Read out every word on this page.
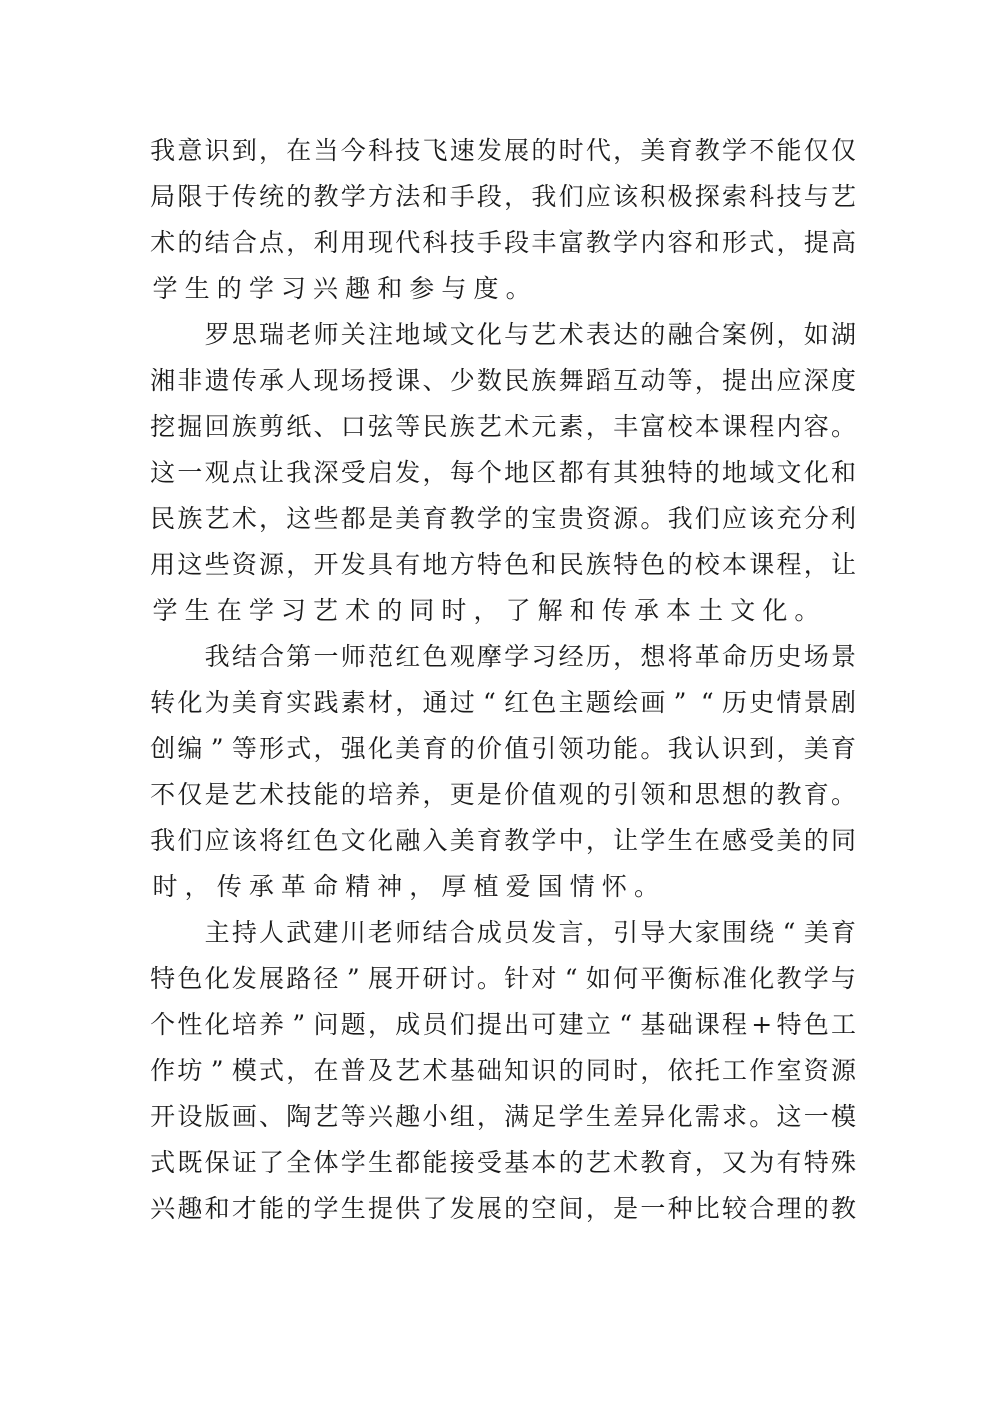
我 意 识 到 ， 在 当 今 科 技 飞 速 发 展 的 时 代 ， 美 育 教 学 不 能 仅 仅
局 限 于 传 统 的 教 学 方 法 和 手 段 ， 我 们 应 该 积 极 探 索 科 技 与 艺
术 的 结 合 点 ， 利 用 现 代 科 技 手 段 丰 富 教 学 内 容 和 形 式 ， 提 高
学 生 的 学 习 兴 趣 和 参 与 度 。

罗 思 瑞 老 师 关 注 地 域 文 化 与 艺 术 表 达 的 融 合 案 例 ， 如 湖
湘 非 遗 传 承 人 现 场 授 课 、 少 数 民 族 舞 蹈 互 动 等 ， 提 出 应 深 度
挖 掘 回 族 剪 纸 、 口 弦 等 民 族 艺 术 元 素 ， 丰 富 校 本 课 程 内 容 。
这 一 观 点 让 我 深 受 启 发 ， 每 个 地 区 都 有 其 独 特 的 地 域 文 化 和
民 族 艺 术 ， 这 些 都 是 美 育 教 学 的 宝 贵 资 源 。 我 们 应 该 充 分 利
用 这 些 资 源 ， 开 发 具 有 地 方 特 色 和 民 族 特 色 的 校 本 课 程 ， 让
学 生 在 学 习 艺 术 的 同 时 ， 了 解 和 传 承 本 土 文 化 。

我 结 合 第 一 师 范 红 色 观 摩 学 习 经 历 ， 想 将 革 命 历 史 场 景
转 化 为 美 育 实 践 素 材 ， 通 过 “ 红 色 主 题 绘 画 ” “ 历 史 情 景 剧
创 编 ” 等 形 式 ， 强 化 美 育 的 价 值 引 领 功 能 。 我 认 识 到 ， 美 育
不 仅 是 艺 术 技 能 的 培 养 ， 更 是 价 值 观 的 引 领 和 思 想 的 教 育 。
我 们 应 该 将 红 色 文 化 融 入 美 育 教 学 中 ， 让 学 生 在 感 受 美 的 同
时 ， 传 承 革 命 精 神 ， 厚 植 爱 国 情 怀 。

主 持 人 武 建 川 老 师 结 合 成 员 发 言 ， 引 导 大 家 围 绕 “ 美 育
特 色 化 发 展 路 径 ” 展 开 研 讨 。 针 对 “ 如 何 平 衡 标 准 化 教 学 与
个 性 化 培 养 ” 问 题 ， 成 员 们 提 出 可 建 立 “ 基 础 课 程 + 特 色 工
作 坊 ” 模 式 ， 在 普 及 艺 术 基 础 知 识 的 同 时 ， 依 托 工 作 室 资 源
开 设 版 画 、 陶 艺 等 兴 趣 小 组 ， 满 足 学 生 差 异 化 需 求 。 这 一 模
式 既 保 证 了 全 体 学 生 都 能 接 受 基 本 的 艺 术 教 育 ， 又 为 有 特 殊
兴 趣 和 才 能 的 学 生 提 供 了 发 展 的 空 间 ， 是 一 种 比 较 合 理 的 教
